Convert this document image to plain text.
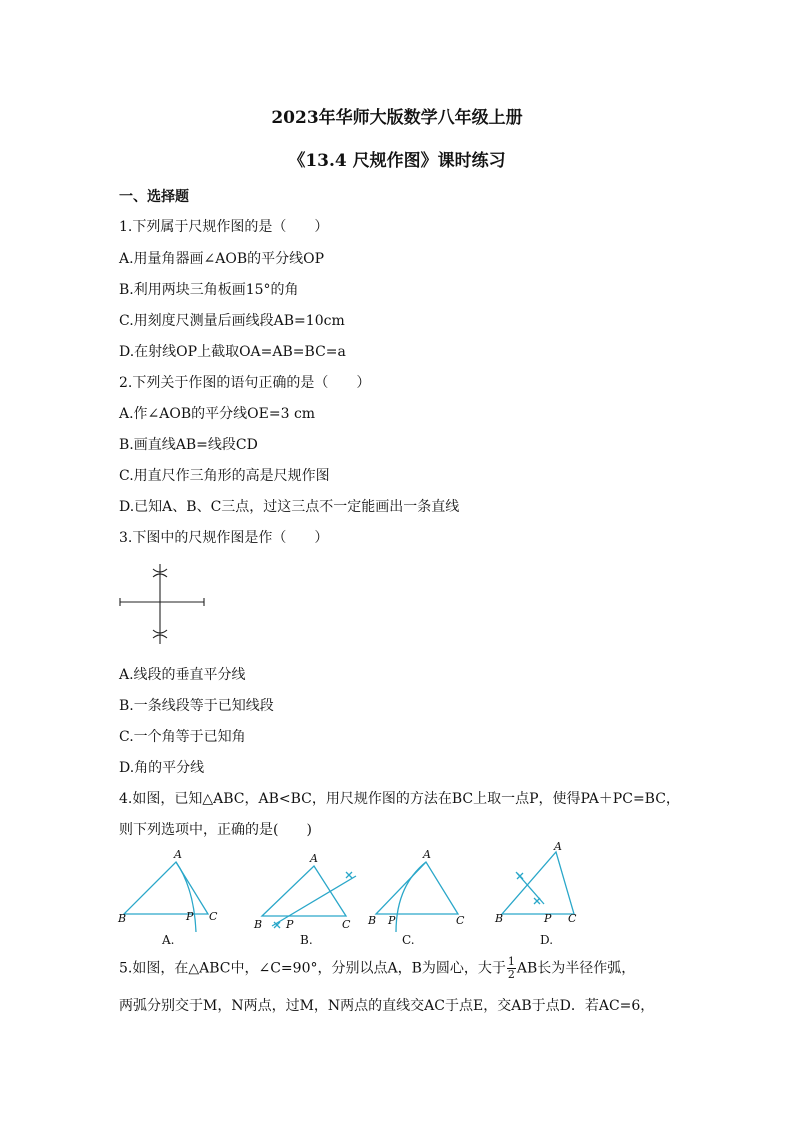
2023年华师大版数学八年级上册
《13.4 尺规作图》课时练习
一、选择题
1.下列属于尺规作图的是（　　）
A.用量角器画∠AOB的平分线OP
B.利用两块三角板画15°的角
C.用刻度尺测量后画线段AB=10cm
D.在射线OP上截取OA=AB=BC=a
2.下列关于作图的语句正确的是（　　）
A.作∠AOB的平分线OE=3 cm
B.画直线AB=线段CD
C.用直尺作三角形的高是尺规作图
D.已知A、B、C三点，过这三点不一定能画出一条直线
3.下图中的尺规作图是作（　　）
A.线段的垂直平分线
B.一条线段等于已知线段
C.一个角等于已知角
D.角的平分线
4.如图，已知△ABC，AB<BC，用尺规作图的方法在BC上取一点P，使得PA＋PC=BC，
则下列选项中，正确的是(　　)
A
B	P C
A
B P	C
A
B P	C
A
B	P C
A.	B.	C.	D.
5.如图，在△ABC中，∠C=90°，分别以点A，B为圆心，大于 $\frac{1}{2}$ AB长为半径作弧，
两弧分别交于M，N两点，过M，N两点的直线交AC于点E，交AB于点D．若AC=6，
